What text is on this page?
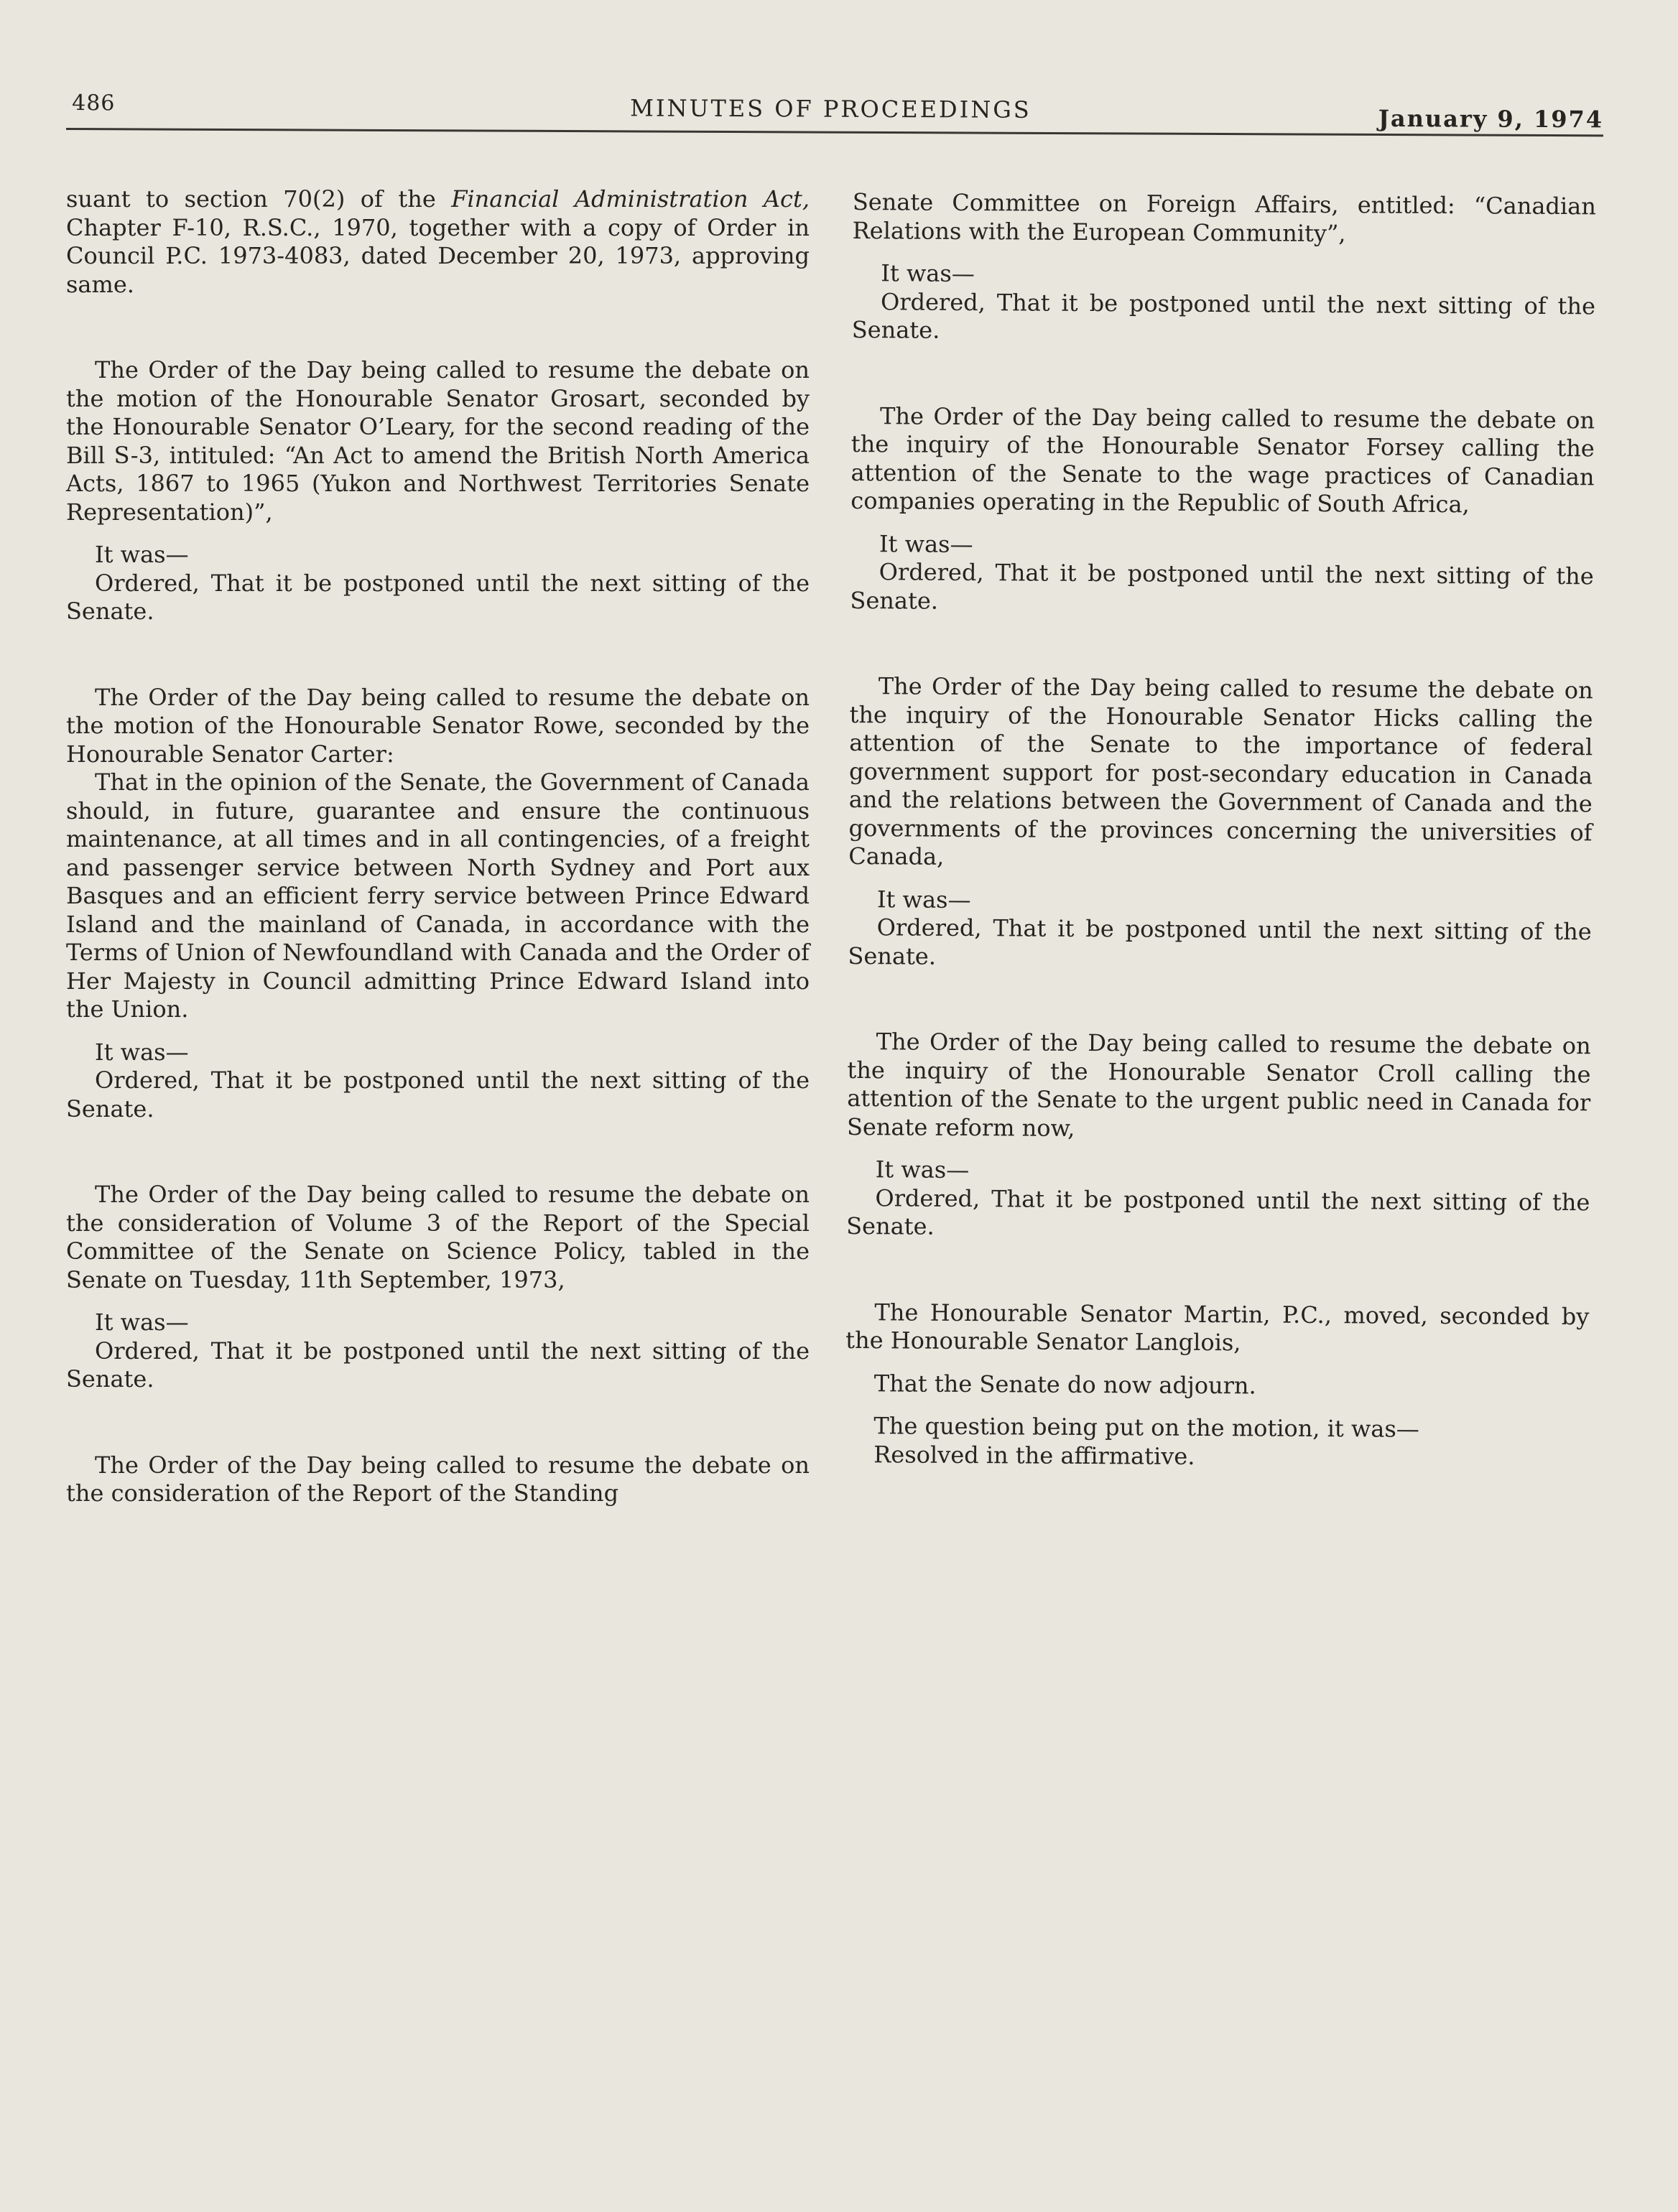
486	MINUTES OF PROCEEDINGS	January 9, 1974

suant to section 70(2) of the Financial Administration Act, Chapter F-10, R.S.C., 1970, together with a copy of Order in Council P.C. 1973-4083, dated December 20, 1973, approving same.

The Order of the Day being called to resume the debate on the motion of the Honourable Senator Grosart, seconded by the Honourable Senator O’Leary, for the second reading of the Bill S-3, intituled: “An Act to amend the British North America Acts, 1867 to 1965 (Yukon and Northwest Territories Senate Representation)”,

It was—

Ordered, That it be postponed until the next sitting of the Senate.

The Order of the Day being called to resume the debate on the motion of the Honourable Senator Rowe, seconded by the Honourable Senator Carter:

That in the opinion of the Senate, the Government of Canada should, in future, guarantee and ensure the continuous maintenance, at all times and in all contingencies, of a freight and passenger service between North Sydney and Port aux Basques and an efficient ferry service between Prince Edward Island and the mainland of Canada, in accordance with the Terms of Union of Newfoundland with Canada and the Order of Her Majesty in Council admitting Prince Edward Island into the Union.

It was—

Ordered, That it be postponed until the next sitting of the Senate.

The Order of the Day being called to resume the debate on the consideration of Volume 3 of the Report of the Special Committee of the Senate on Science Policy, tabled in the Senate on Tuesday, 11th September, 1973,

It was—

Ordered, That it be postponed until the next sitting of the Senate.

The Order of the Day being called to resume the debate on the consideration of the Report of the Standing

Senate Committee on Foreign Affairs, entitled: “Canadian Relations with the European Community”,

It was—

Ordered, That it be postponed until the next sitting of the Senate.

The Order of the Day being called to resume the debate on the inquiry of the Honourable Senator Forsey calling the attention of the Senate to the wage practices of Canadian companies operating in the Republic of South Africa,

It was—

Ordered, That it be postponed until the next sitting of the Senate.

The Order of the Day being called to resume the debate on the inquiry of the Honourable Senator Hicks calling the attention of the Senate to the importance of federal government support for post-secondary education in Canada and the relations between the Government of Canada and the governments of the provinces concerning the universities of Canada,

It was—

Ordered, That it be postponed until the next sitting of the Senate.

The Order of the Day being called to resume the debate on the inquiry of the Honourable Senator Croll calling the attention of the Senate to the urgent public need in Canada for Senate reform now,

It was—

Ordered, That it be postponed until the next sitting of the Senate.

The Honourable Senator Martin, P.C., moved, seconded by the Honourable Senator Langlois,

That the Senate do now adjourn.

The question being put on the motion, it was—

Resolved in the affirmative.
